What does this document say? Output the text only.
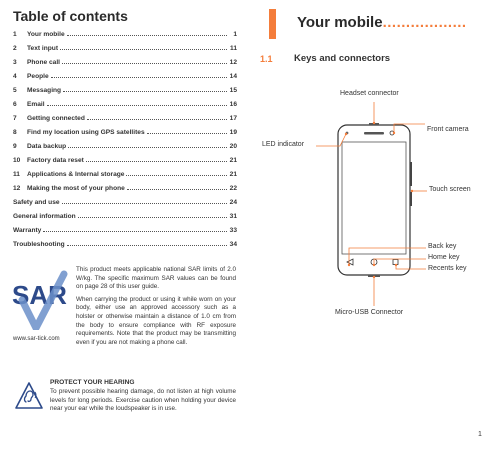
Table of contents
1	Your mobile	1
2	Text input	11
3	Phone call	12
4	People	14
5	Messaging	15
6	Email	16
7	Getting connected	17
8	Find my location using GPS satellites	19
9	Data backup	20
10	Factory data reset	21
11	Applications & Internal storage	21
12	Making the most of your phone	22
Safety and use	24
General information	31
Warranty	33
Troubleshooting	34
SAR
www.sar-tick.com

This product meets applicable national SAR limits of 2.0 W/kg. The specific maximum SAR values can be found on page 28 of this user guide.

When carrying the product or using it while worn on your body, either use an approved accessory such as a holster or otherwise maintain a distance of 1.0 cm from the body to ensure compliance with RF exposure requirements. Note that the product may be transmitting even if you are not making a phone call.

PROTECT YOUR HEARING
To prevent possible hearing damage, do not listen at high volume levels for long periods. Exercise caution when holding your device near your ear while the loudspeaker is in use.
Your mobile..................
1.1 Keys and connectors
Headset connector
Front camera
LED indicator
Touch screen
Back key
Home key
Recents key
Micro-USB Connector
1
